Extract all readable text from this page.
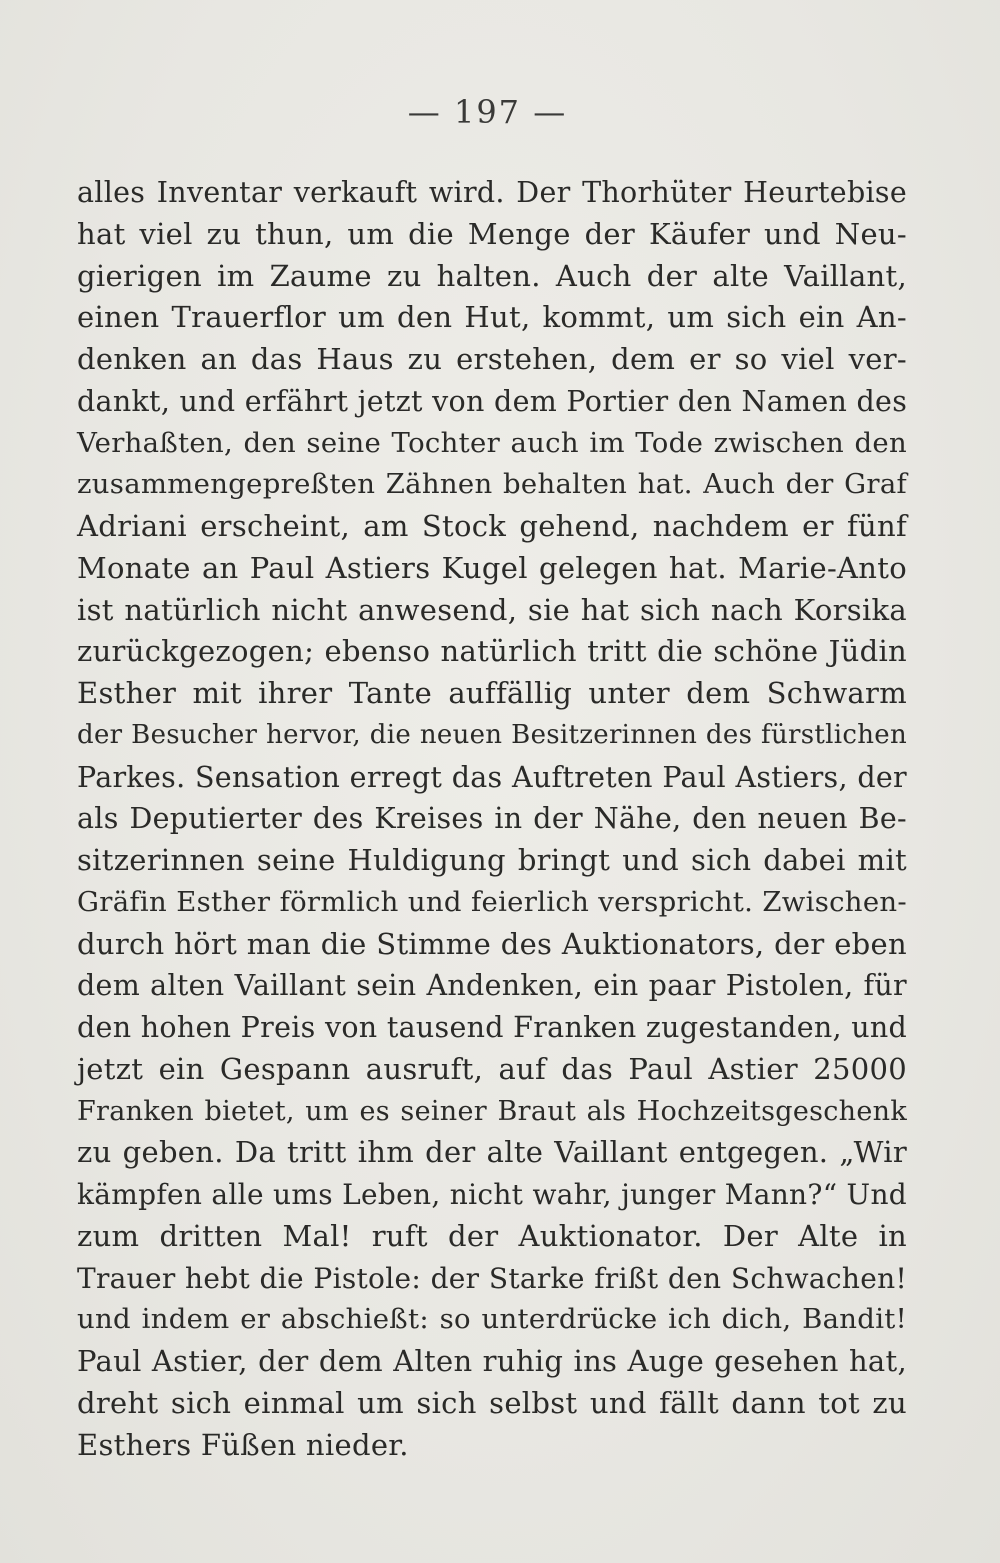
— 197 —
alles Inventar verkauft wird. Der Thorhüter Heurtebise
hat viel zu thun, um die Menge der Käufer und Neu-
gierigen im Zaume zu halten. Auch der alte Vaillant,
einen Trauerflor um den Hut, kommt, um sich ein An-
denken an das Haus zu erstehen, dem er so viel ver-
dankt, und erfährt jetzt von dem Portier den Namen des
Verhaßten, den seine Tochter auch im Tode zwischen den
zusammengepreßten Zähnen behalten hat. Auch der Graf
Adriani erscheint, am Stock gehend, nachdem er fünf
Monate an Paul Astiers Kugel gelegen hat. Marie-Anto
ist natürlich nicht anwesend, sie hat sich nach Korsika
zurückgezogen; ebenso natürlich tritt die schöne Jüdin
Esther mit ihrer Tante auffällig unter dem Schwarm
der Besucher hervor, die neuen Besitzerinnen des fürstlichen
Parkes. Sensation erregt das Auftreten Paul Astiers, der
als Deputierter des Kreises in der Nähe, den neuen Be-
sitzerinnen seine Huldigung bringt und sich dabei mit
Gräfin Esther förmlich und feierlich verspricht. Zwischen-
durch hört man die Stimme des Auktionators, der eben
dem alten Vaillant sein Andenken, ein paar Pistolen, für
den hohen Preis von tausend Franken zugestanden, und
jetzt ein Gespann ausruft, auf das Paul Astier 25000
Franken bietet, um es seiner Braut als Hochzeitsgeschenk
zu geben. Da tritt ihm der alte Vaillant entgegen. „Wir
kämpfen alle ums Leben, nicht wahr, junger Mann?“ Und
zum dritten Mal! ruft der Auktionator. Der Alte in
Trauer hebt die Pistole: der Starke frißt den Schwachen!
und indem er abschießt: so unterdrücke ich dich, Bandit!
Paul Astier, der dem Alten ruhig ins Auge gesehen hat,
dreht sich einmal um sich selbst und fällt dann tot zu
Esthers Füßen nieder.
